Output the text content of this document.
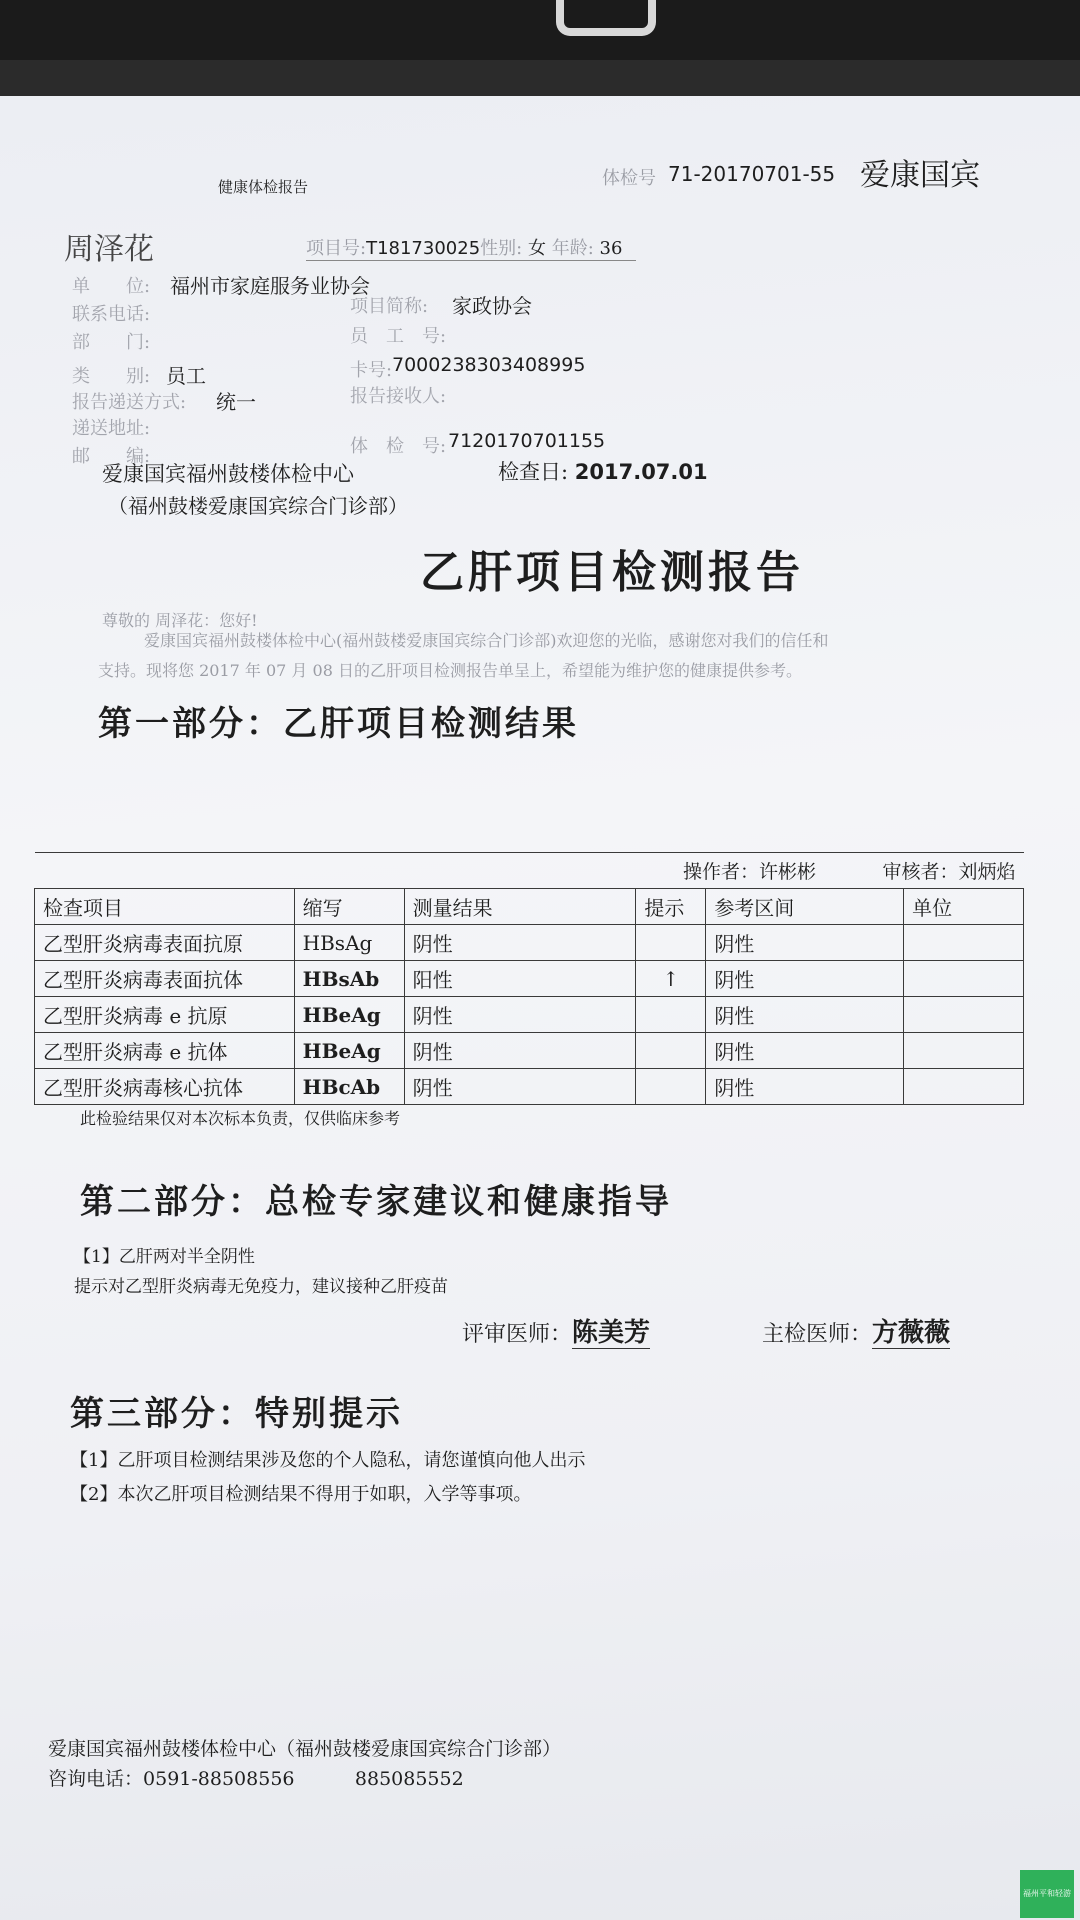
健康体检报告	体检号 71-20170701-55 爱康国宾
周泽花	项目号:T181730025性别: 女 年龄: 36
单　　位: 福州市家庭服务业协会
联系电话:	项目简称: 家政协会
部　　门:	员　工　号:
类　　别: 员工	卡号: 7000238303408995
报告递送方式: 统一	报告接收人:
递送地址:
邮　　编:	体　检　号: 7120170701155
爱康国宾福州鼓楼体检中心
（福州鼓楼爱康国宾综合门诊部）
检查日: 2017.07.01
乙肝项目检测报告
尊敬的 周泽花：您好!
爱康国宾福州鼓楼体检中心(福州鼓楼爱康国宾综合门诊部)欢迎您的光临，感谢您对我们的信任和
支持。现将您 2017 年 07 月 08 日的乙肝项目检测报告单呈上，希望能为维护您的健康提供参考。
第一部分：乙肝项目检测结果
操作者：许彬彬 审核者：刘炳焰					
检查项目	缩写	测量结果	提示	参考区间	单位
乙型肝炎病毒表面抗原	HBsAg	阴性		阴性	
乙型肝炎病毒表面抗体	HBsAb	阳性	↑	阴性	
乙型肝炎病毒 e 抗原	HBeAg	阴性		阴性	
乙型肝炎病毒 e 抗体	HBeAg	阴性		阴性	
乙型肝炎病毒核心抗体	HBcAb	阴性		阴性	
此检验结果仅对本次标本负责，仅供临床参考
第二部分：总检专家建议和健康指导
【1】乙肝两对半全阴性
提示对乙型肝炎病毒无免疫力，建议接种乙肝疫苗
评审医师：陈美芳	主检医师：方薇薇
第三部分：特别提示
【1】乙肝项目检测结果涉及您的个人隐私，请您谨慎向他人出示
【2】本次乙肝项目检测结果不得用于如职，入学等事项。
爱康国宾福州鼓楼体检中心（福州鼓楼爱康国宾综合门诊部）
咨询电话：0591-88508556	885085552
福州平和轻游
